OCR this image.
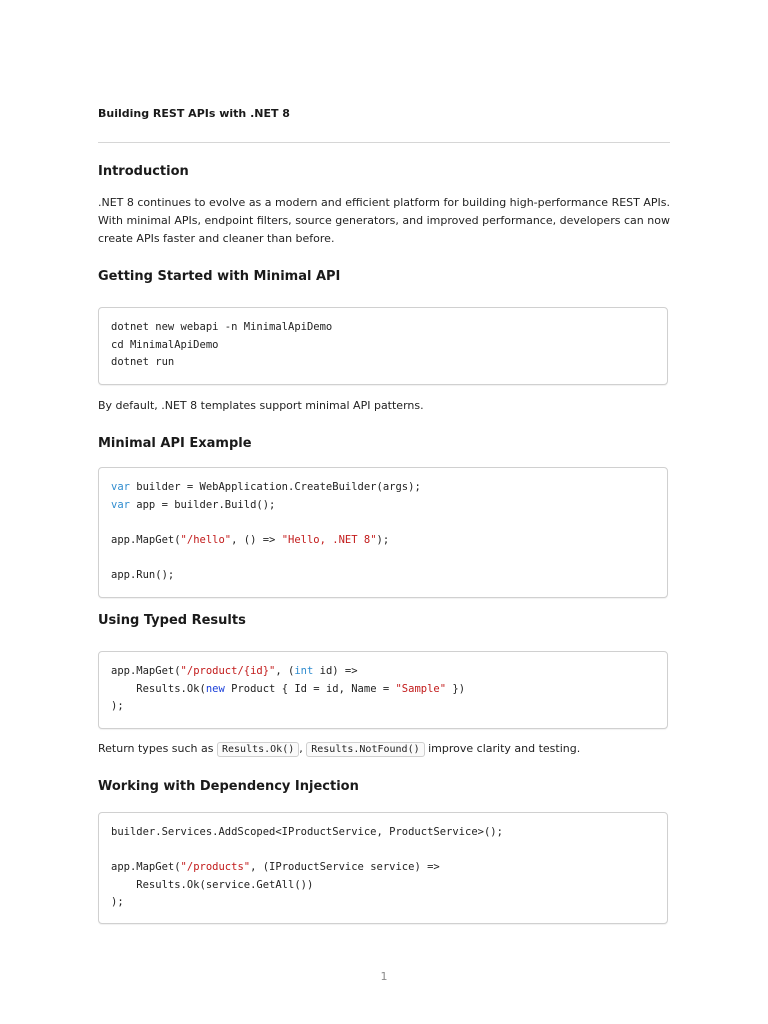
Building REST APIs with .NET 8
Introduction

.NET 8 continues to evolve as a modern and efficient platform for building high-performance REST APIs. With minimal APIs, endpoint filters, source generators, and improved performance, developers can now create APIs faster and cleaner than before.

Getting Started with Minimal API
dotnet new webapi -n MinimalApiDemo
cd MinimalApiDemo
dotnet run

By default, .NET 8 templates support minimal API patterns.

Minimal API Example
var builder = WebApplication.CreateBuilder(args);
var app = builder.Build();
app.MapGet("/hello", () => "Hello, .NET 8");
app.Run();
Using Typed Results
app.MapGet("/product/{id}", (int id) =>
Results.Ok(new Product { Id = id, Name = "Sample" })
);

Return types such as Results.Ok() , Results.NotFound() improve clarity and testing.

Working with Dependency Injection
builder.Services.AddScoped<IProductService, ProductService>();
app.MapGet("/products", (IProductService service) =>
Results.Ok(service.GetAll())
);
1
